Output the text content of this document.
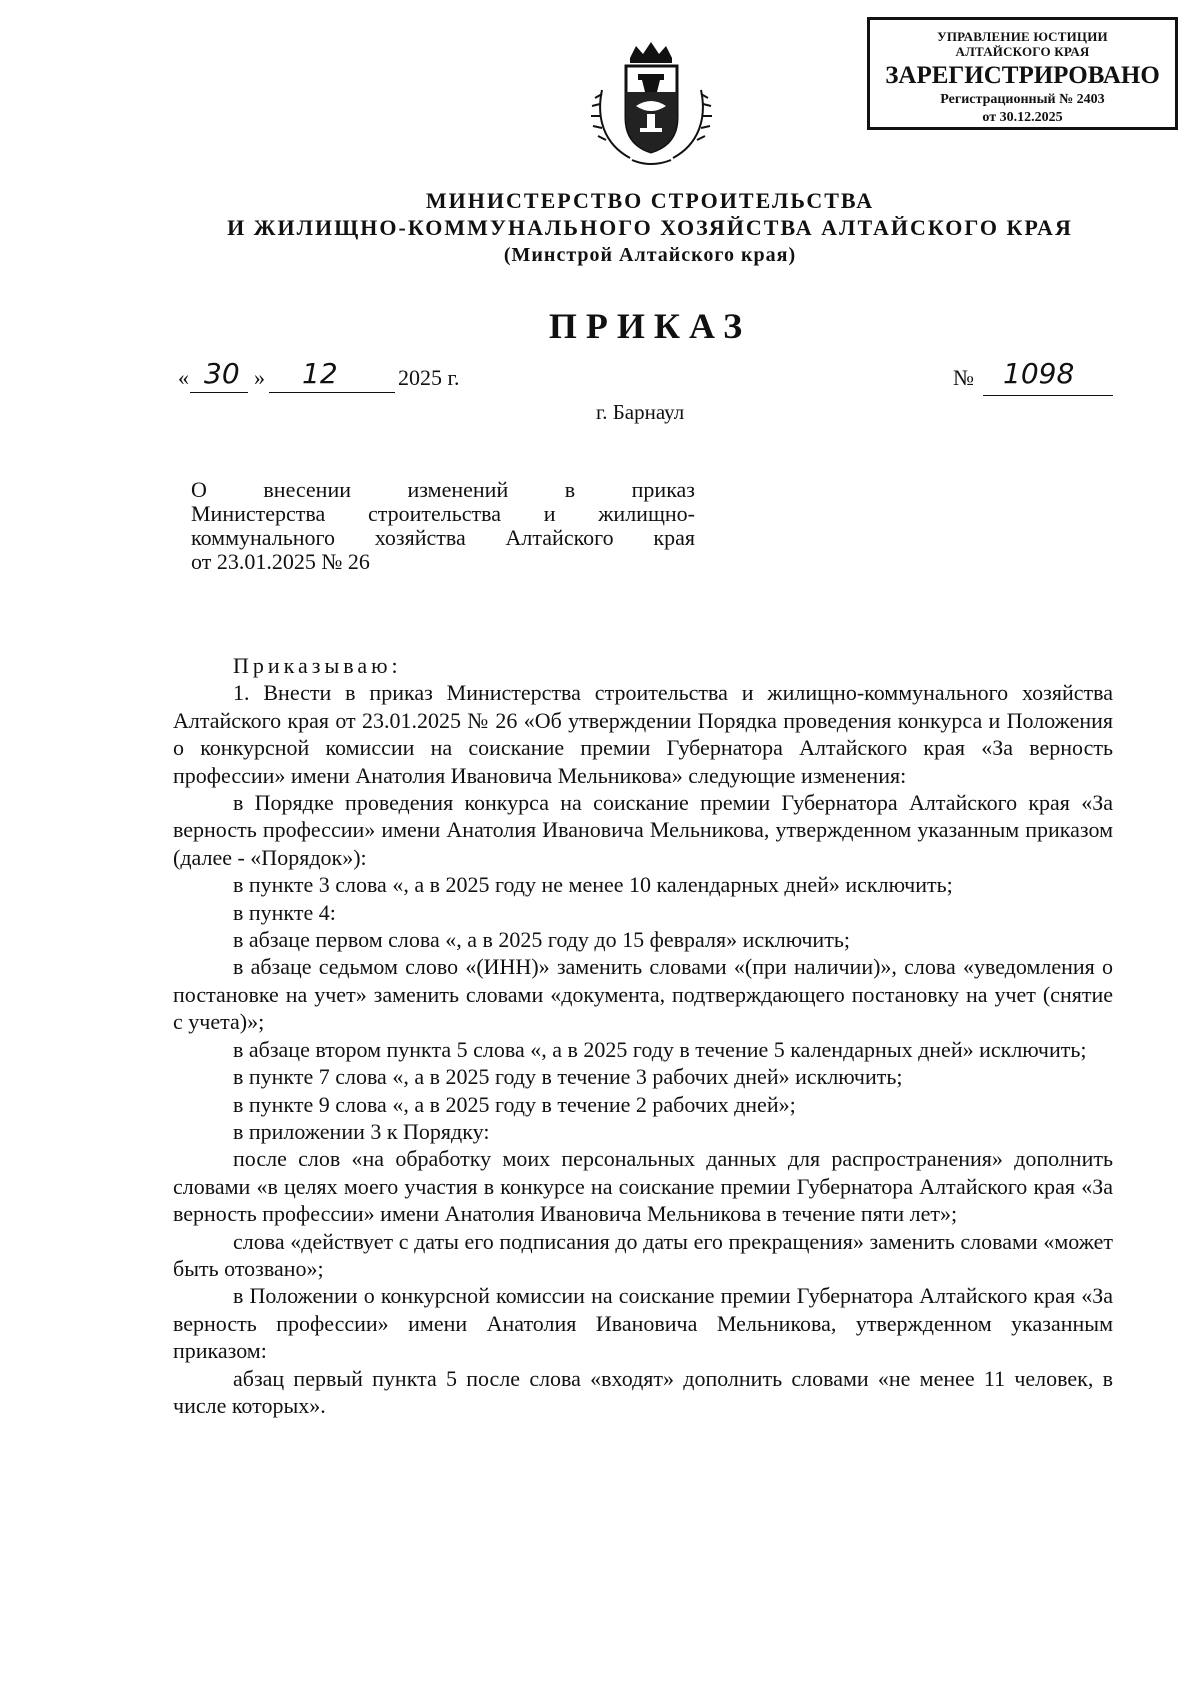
УПРАВЛЕНИЕ ЮСТИЦИИ
АЛТАЙСКОГО КРАЯ
ЗАРЕГИСТРИРОВАНО
Регистрационный № 2403
от 30.12.2025
МИНИСТЕРСТВО СТРОИТЕЛЬСТВА
И ЖИЛИЩНО-КОММУНАЛЬНОГО ХОЗЯЙСТВА АЛТАЙСКОГО КРАЯ
(Минстрой Алтайского края)
ПРИКАЗ
« 30 » 12	2025 г.	№ 1098
г. Барнаул
О внесении изменений в приказ
Министерства строительства и жилищно-
коммунального хозяйства Алтайского края
от 23.01.2025 № 26

Приказываю:

1. Внести в приказ Министерства строительства и жилищно-коммунального хозяйства Алтайского края от 23.01.2025 № 26 «Об утверждении Порядка проведения конкурса и Положения о конкурсной комиссии на соискание премии Губернатора Алтайского края «За верность профессии» имени Анатолия Ивановича Мельникова» следующие изменения:

в Порядке проведения конкурса на соискание премии Губернатора Алтайского края «За верность профессии» имени Анатолия Ивановича Мельникова, утвержденном указанным приказом (далее - «Порядок»):

в пункте 3 слова «, а в 2025 году не менее 10 календарных дней» исключить;

в пункте 4:

в абзаце первом слова «, а в 2025 году до 15 февраля» исключить;

в абзаце седьмом слово «(ИНН)» заменить словами «(при наличии)», слова «уведомления о постановке на учет» заменить словами «документа, подтверждающего постановку на учет (снятие с учета)»;

в абзаце втором пункта 5 слова «, а в 2025 году в течение 5 календарных дней» исключить;

в пункте 7 слова «, а в 2025 году в течение 3 рабочих дней» исключить;

в пункте 9 слова «, а в 2025 году в течение 2 рабочих дней»;

в приложении 3 к Порядку:

после слов «на обработку моих персональных данных для распространения» дополнить словами «в целях моего участия в конкурсе на соискание премии Губернатора Алтайского края «За верность профессии» имени Анатолия Ивановича Мельникова в течение пяти лет»;

слова «действует с даты его подписания до даты его прекращения» заменить словами «может быть отозвано»;

в Положении о конкурсной комиссии на соискание премии Губернатора Алтайского края «За верность профессии» имени Анатолия Ивановича Мельникова, утвержденном указанным приказом:

абзац первый пункта 5 после слова «входят» дополнить словами «не менее 11 человек, в числе которых».
